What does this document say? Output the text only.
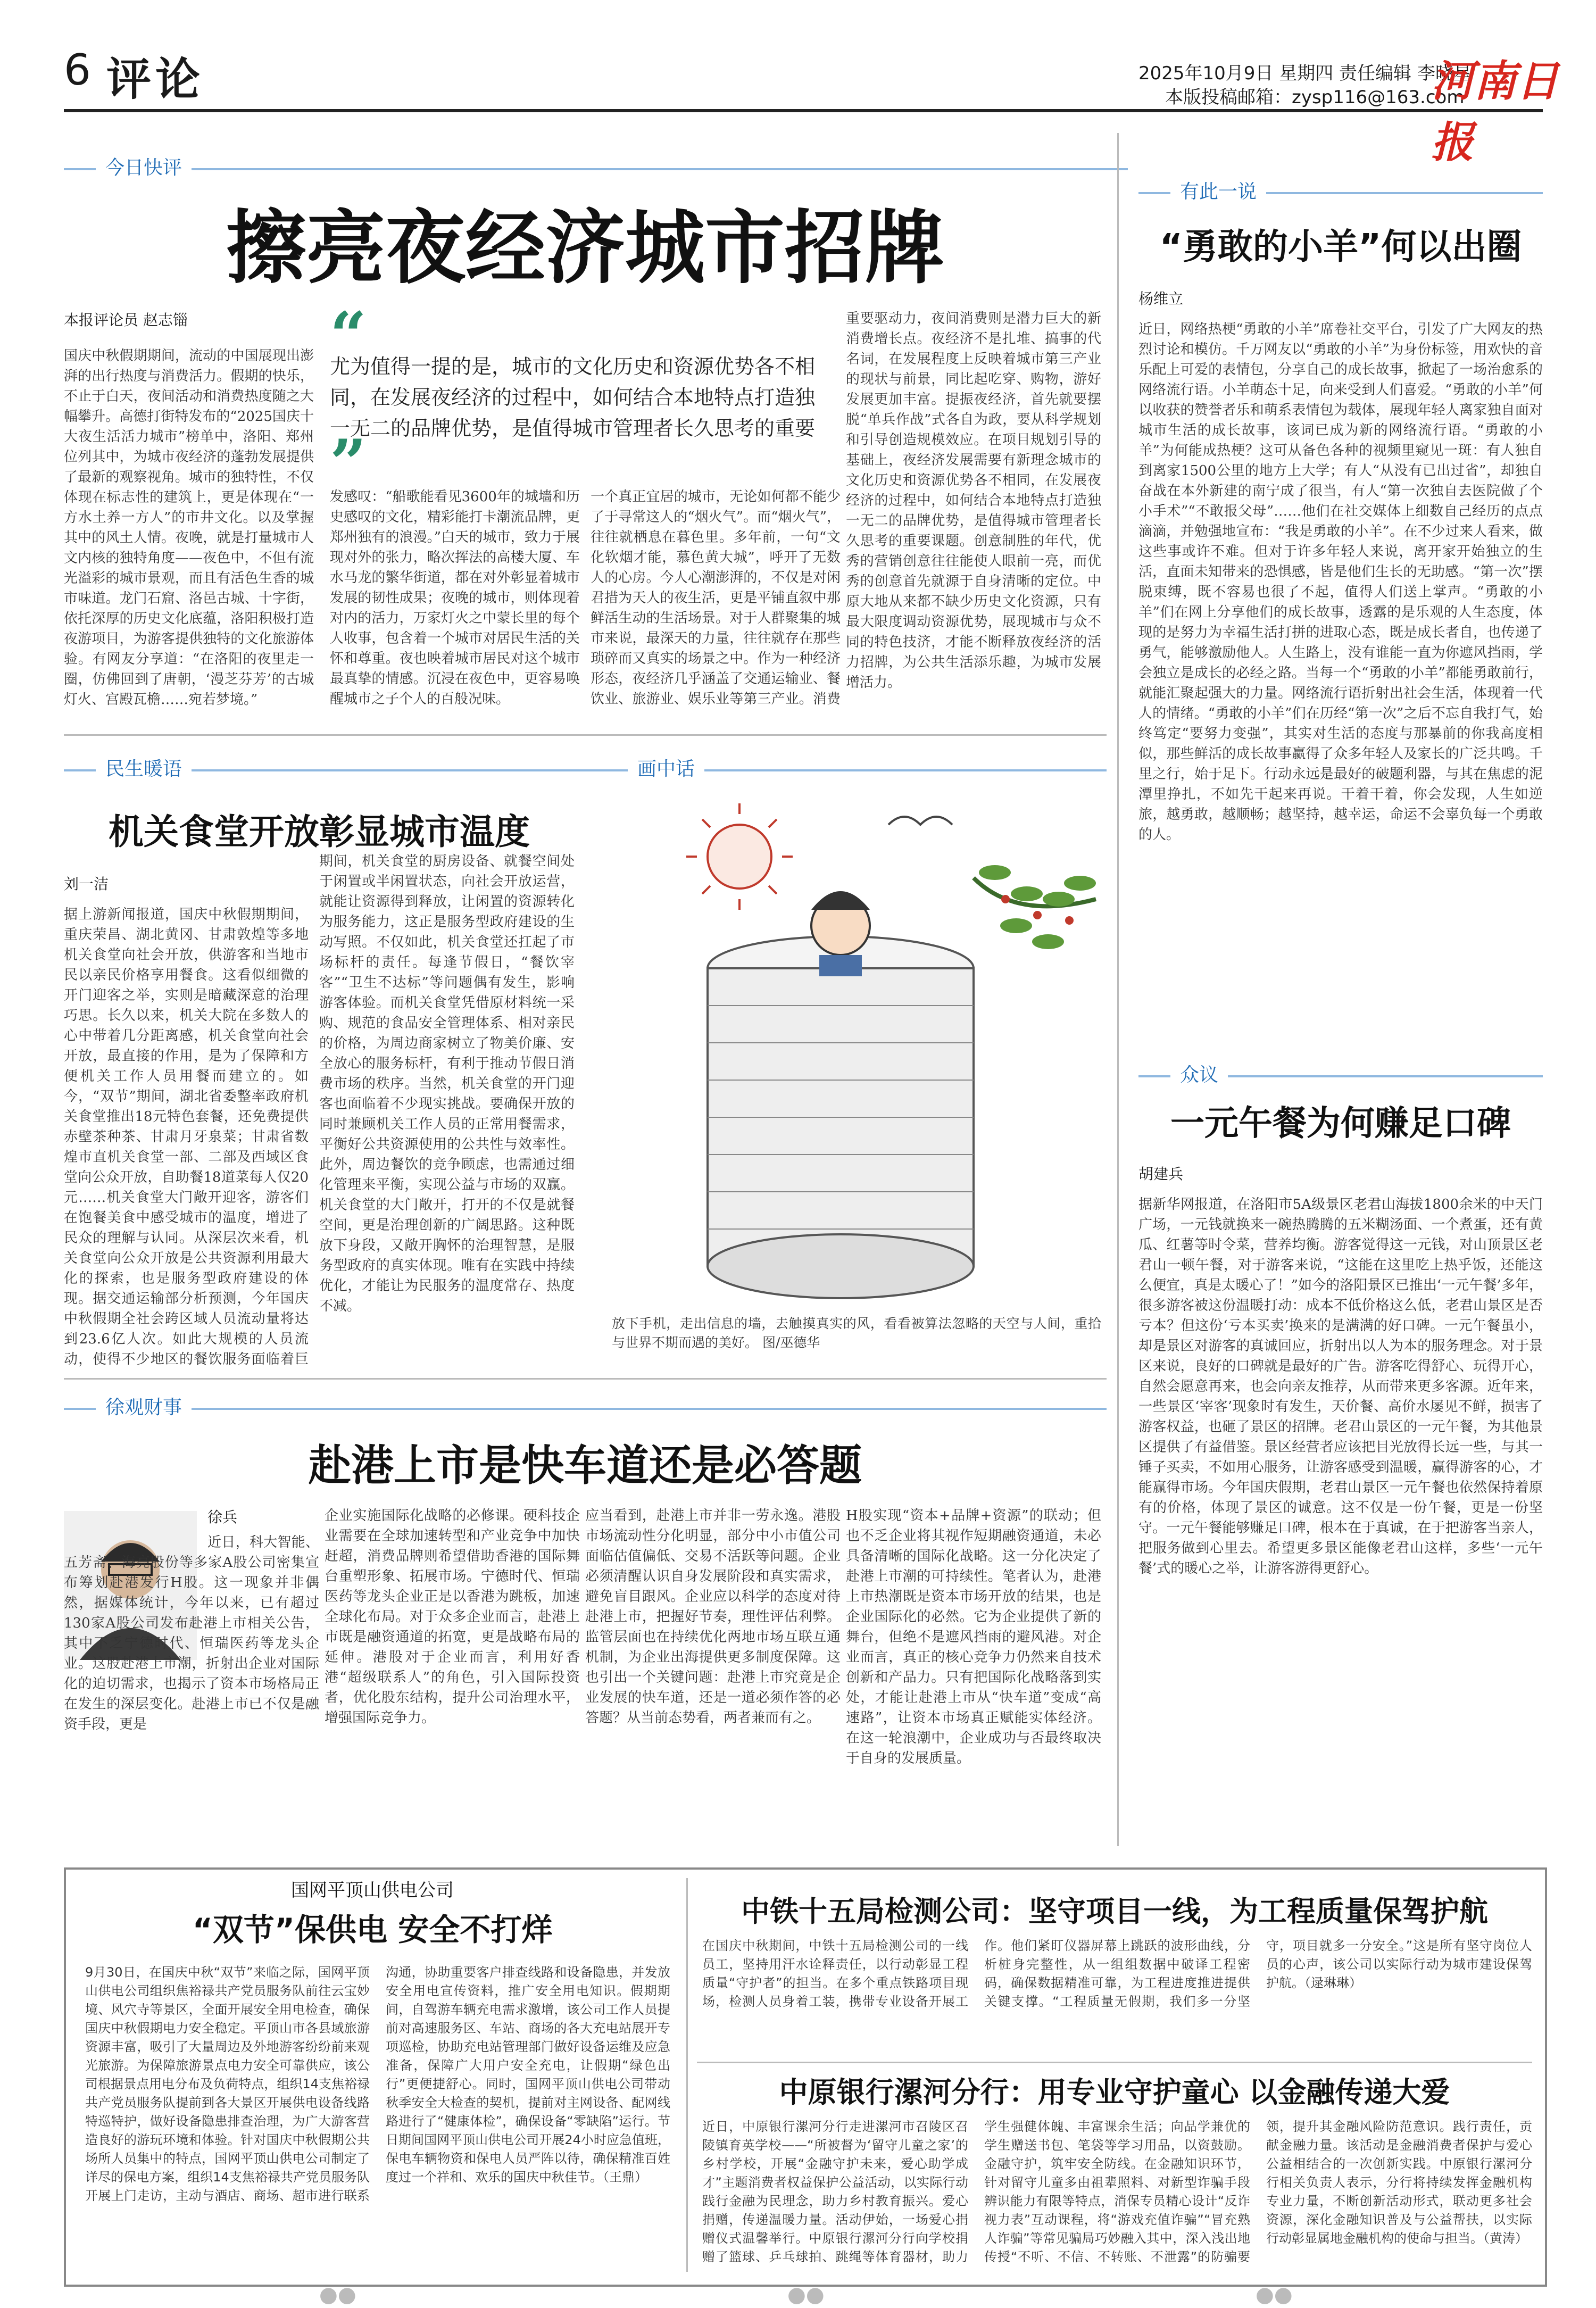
6 评论	2025年10月9日 星期四 责任编辑 李晓星
本版投稿邮箱：zysp116@163.com
河南日报
今日快评
擦亮夜经济城市招牌
本报评论员 赵志锱 “
尤为值得一提的是，城市的文化历史和资源优势各不相同，在发展夜经济的过程中，如何结合本地特点打造独一无二的品牌优势，是值得城市管理者长久思考的重要
”
国庆中秋假期期间，流动的中国展现出澎湃的出行热度与消费活力。假期的快乐，不止于白天，夜间活动和消费热度随之大幅攀升。高德打街特发布的“2025国庆十大夜生活活力城市”榜单中，洛阳、郑州位列其中，为城市夜经济的蓬勃发展提供了最新的观察视角。城市的独特性，不仅体现在标志性的建筑上，更是体现在“一方水土养一方人”的市井文化。以及掌握其中的风土人情。夜晚，就是打量城市人文内核的独特角度——夜色中，不但有流光溢彩的城市景观，而且有活色生香的城市味道。龙门石窟、洛邑古城、十字街，依托深厚的历史文化底蕴，洛阳积极打造夜游项目，为游客提供独特的文化旅游体验。有网友分享道：“在洛阳的夜里走一圈，仿佛回到了唐朝，‘漫芝芬芳’的古城灯火、宫殿瓦檐……宛若梦境。”
发感叹：“船歌能看见3600年的城墙和历史感叹的文化，精彩能打卡潮流品牌，更郑州独有的浪漫。”白天的城市，致力于展现对外的张力，略次挥法的高楼大厦、车水马龙的繁华街道，都在对外彰显着城市发展的韧性成果；夜晚的城市，则体现着对内的活力，万家灯火之中蒙长里的每个人收事，包含着一个城市对居民生活的关怀和尊重。夜也映着城市居民对这个城市最真挚的情感。沉浸在夜色中，更容易唤醒城市之子个人的百般况味。
一个真正宜居的城市，无论如何都不能少了于寻常这人的“烟火气”。而“烟火气”，往往就栖息在暮色里。多年前，一句“文化软烟才能，慕色黄大城”，呼开了无数人的心房。今人心潮澎湃的，不仅是对闲君措为天人的夜生活，更是平铺直叙中那鲜活生动的生活场景。对于人群聚集的城市来说，最深天的力量，往往就存在那些琐碎而又真实的场景之中。作为一种经济形态，夜经济几乎涵盖了交通运输业、餐饮业、旅游业、娱乐业等第三产业。消费
重要驱动力，夜间消费则是潜力巨大的新消费增长点。夜经济不是扎堆、搞事的代名词，在发展程度上反映着城市第三产业的现状与前景，同比起吃穿、购物，游好发展更加丰富。提振夜经济，首先就要摆脱“单兵作战”式各自为政，要从科学规划和引导创造规模效应。在项目规划引导的基础上，夜经济发展需要有新理念城市的文化历史和资源优势各不相同，在发展夜经济的过程中，如何结合本地特点打造独一无二的品牌优势，是值得城市管理者长久思考的重要课题。创意制胜的年代，优秀的营销创意往往能使人眼前一亮，而优秀的创意首先就源于自身清晰的定位。中原大地从来都不缺少历史文化资源，只有最大限度调动资源优势，展现城市与众不同的特色技济，才能不断释放夜经济的活力招牌，为公共生活添乐趣，为城市发展增活力。
有此一说
“勇敢的小羊”何以出圈
杨维立
近日，网络热梗“勇敢的小羊”席卷社交平台，引发了广大网友的热烈讨论和模仿。千万网友以“勇敢的小羊”为身份标签，用欢快的音乐配上可爱的表情包，分享自己的成长故事，掀起了一场治愈系的网络流行语。小羊萌态十足，向来受到人们喜爱。“勇敢的小羊”何以收获的赞誉者乐和萌系表情包为载体，展现年轻人离家独自面对城市生活的成长故事，该词已成为新的网络流行语。“勇敢的小羊”为何能成热梗？这可从备色各种的视频里窥见一斑：有人独自到离家1500公里的地方上大学；有人“从没有已出过省”，却独自奋战在本外新建的南宁成了很当，有人“第一次独自去医院做了个小手术”“不敢报父母”……他们在社交媒体上细数自己经历的点点滴滴，并勉强地宣布：“我是勇敢的小羊”。在不少过来人看来，做这些事或许不难。但对于许多年轻人来说，离开家开始独立的生活，直面未知带来的恐惧感，皆是他们生长的无助感。“第一次”摆脱束缚，既不容易也很了不起，值得人们送上掌声。“勇敢的小羊”们在网上分享他们的成长故事，透露的是乐观的人生态度，体现的是努力为幸福生活打拼的进取心态，既是成长者自，也传递了勇气，能够激励他人。人生路上，没有谁能一直为你遮风挡雨，学会独立是成长的必经之路。当每一个“勇敢的小羊”都能勇敢前行，就能汇聚起强大的力量。网络流行语折射出社会生活，体现着一代人的情绪。“勇敢的小羊”们在历经“第一次”之后不忘自我打气，始终笃定“要努力变强”，其实对生活的态度与那暴前的你我高度相似，那些鲜活的成长故事赢得了众多年轻人及家长的广泛共鸣。千里之行，始于足下。行动永远是最好的破题利器，与其在焦虑的泥潭里挣扎，不如先干起来再说。干着干着，你会发现，人生如逆旅，越勇敢，越顺畅；越坚持，越幸运，命运不会辜负每一个勇敢的人。
民生暖语
机关食堂开放彰显城市温度
刘一洁
据上游新闻报道，国庆中秋假期期间，重庆荣昌、湖北黄冈、甘肃敦煌等多地机关食堂向社会开放，供游客和当地市民以亲民价格享用餐食。这看似细微的开门迎客之举，实则是暗藏深意的治理巧思。长久以来，机关大院在多数人的心中带着几分距离感，机关食堂向社会开放，最直接的作用，是为了保障和方便机关工作人员用餐而建立的。如今，“双节”期间，湖北省委整率政府机关食堂推出18元特色套餐，还免费提供赤壁茶种茶、甘肃月牙泉菜；甘肃省数煌市直机关食堂一部、二部及西域区食堂向公众开放，自助餐18道菜每人仅20元……机关食堂大门敞开迎客，游客们在饱餐美食中感受城市的温度，增进了民众的理解与认同。从深层次来看，机关食堂向公众开放是公共资源利用最大化的探索，也是服务型政府建设的体现。据交通运输部分析预测，今年国庆中秋假期全社会跨区域人员流动量将达到23.6亿人次。如此大规模的人员流动，使得不少地区的餐饮服务面临着巨
期间，机关食堂的厨房设备、就餐空间处于闲置或半闲置状态，向社会开放运营，就能让资源得到释放，让闲置的资源转化为服务能力，这正是服务型政府建设的生动写照。不仅如此，机关食堂还扛起了市场标杆的责任。每逢节假日，“餐饮宰客”“卫生不达标”等问题偶有发生，影响游客体验。而机关食堂凭借原材料统一采购、规范的食品安全管理体系、相对亲民的价格，为周边商家树立了物美价廉、安全放心的服务标杆，有利于推动节假日消费市场的秩序。当然，机关食堂的开门迎客也面临着不少现实挑战。要确保开放的同时兼顾机关工作人员的正常用餐需求，平衡好公共资源使用的公共性与效率性。此外，周边餐饮的竞争顾虑，也需通过细化管理来平衡，实现公益与市场的双赢。机关食堂的大门敞开，打开的不仅是就餐空间，更是治理创新的广阔思路。这种既放下身段，又敞开胸怀的治理智慧，是服务型政府的真实体现。唯有在实践中持续优化，才能让为民服务的温度常存、热度不减。
画中话
放下手机，走出信息的墙，去触摸真实的风，看看被算法忽略的天空与人间，重拾与世界不期而遇的美好。 图/巫德华
众议
一元午餐为何赚足口碑
胡建兵
据新华网报道，在洛阳市5A级景区老君山海拔1800余米的中天门广场，一元钱就换来一碗热腾腾的五米糊汤面、一个煮蛋，还有黄瓜、红薯等时令菜，营养均衡。游客觉得这一元钱，对山顶景区老君山一顿午餐，对于游客来说，“这能在这里吃上热乎饭，还能这么便宜，真是太暖心了！”如今的洛阳景区已推出‘一元午餐’多年，很多游客被这份温暖打动：成本不低价格这么低，老君山景区是否亏本？但这份‘亏本买卖’换来的是满满的好口碑。一元午餐虽小，却是景区对游客的真诚回应，折射出以人为本的服务理念。对于景区来说，良好的口碑就是最好的广告。游客吃得舒心、玩得开心，自然会愿意再来，也会向亲友推荐，从而带来更多客源。近年来，一些景区‘宰客’现象时有发生，天价餐、高价水屡见不鲜，损害了游客权益，也砸了景区的招牌。老君山景区的一元午餐，为其他景区提供了有益借鉴。景区经营者应该把目光放得长远一些，与其一锤子买卖，不如用心服务，让游客感受到温暖，赢得游客的心，才能赢得市场。今年国庆假期，老君山景区一元午餐也依然保持着原有的价格，体现了景区的诚意。这不仅是一份午餐，更是一份坚守。一元午餐能够赚足口碑，根本在于真诚，在于把游客当亲人，把服务做到心里去。希望更多景区能像老君山这样，多些‘一元午餐’式的暖心之举，让游客游得更舒心。
徐观财事
赴港上市是快车道还是必答题
徐兵
近日，科大智能、五芳斋、海亮股份等多家A股公司密集宣布筹划赴港发行H股。这一现象并非偶然，据媒体统计，今年以来，已有超过130家A股公司发布赴港上市相关公告，其中不乏宁德时代、恒瑞医药等龙头企业。这股赴港上市潮，折射出企业对国际化的迫切需求，也揭示了资本市场格局正在发生的深层变化。赴港上市已不仅是融资手段，更是
企业实施国际化战略的必修课。硬科技企业需要在全球加速转型和产业竞争中加快赶超，消费品牌则希望借助香港的国际舞台重塑形象、拓展市场。宁德时代、恒瑞医药等龙头企业正是以香港为跳板，加速全球化布局。对于众多企业而言，赴港上市既是融资通道的拓宽，更是战略布局的延伸。港股对于企业而言，利用好香港“超级联系人”的角色，引入国际投资者，优化股东结构，提升公司治理水平，增强国际竞争力。
应当看到，赴港上市并非一劳永逸。港股市场流动性分化明显，部分中小市值公司面临估值偏低、交易不活跃等问题。企业必须清醒认识自身发展阶段和真实需求，避免盲目跟风。企业应以科学的态度对待赴港上市，把握好节奏，理性评估利弊。监管层面也在持续优化两地市场互联互通机制，为企业出海提供更多制度保障。这也引出一个关键问题：赴港上市究竟是企业发展的快车道，还是一道必须作答的必答题？从当前态势看，两者兼而有之。
H股实现“资本+品牌+资源”的联动；但也不乏企业将其视作短期融资通道，未必具备清晰的国际化战略。这一分化决定了赴港上市潮的可持续性。笔者认为，赴港上市热潮既是资本市场开放的结果，也是企业国际化的必然。它为企业提供了新的舞台，但绝不是遮风挡雨的避风港。对企业而言，真正的核心竞争力仍然来自技术创新和产品力。只有把国际化战略落到实处，才能让赴港上市从“快车道”变成“高速路”，让资本市场真正赋能实体经济。在这一轮浪潮中，企业成功与否最终取决于自身的发展质量。
国网平顶山供电公司
“双节”保供电 安全不打烊
9月30日，在国庆中秋“双节”来临之际，国网平顶山供电公司组织焦裕禄共产党员服务队前往云宝妙境、风穴寺等景区，全面开展安全用电检查，确保国庆中秋假期电力安全稳定。平顶山市各县域旅游资源丰富，吸引了大量周边及外地游客纷纷前来观光旅游。为保障旅游景点电力安全可靠供应，该公司根据景点用电分布及负荷特点，组织14支焦裕禄共产党员服务队提前到各大景区开展供电设备线路特巡特护，做好设备隐患排查治理，为广大游客营造良好的游玩环境和体验。针对国庆中秋假期公共场所人员集中的特点，国网平顶山供电公司制定了详尽的保电方案，组织14支焦裕禄共产党员服务队开展上门走访，主动与酒店、商场、超市进行联系沟通，协助重要客户排查线路和设备隐患，并发放安全用电宣传资料，推广安全用电知识。假期期间，自驾游车辆充电需求激增，该公司工作人员提前对高速服务区、车站、商场的各大充电站展开专项巡检，协助充电站管理部门做好设备运维及应急准备，保障广大用户安全充电，让假期“绿色出行”更便捷舒心。同时，国网平顶山供电公司带动秋季安全大检查的契机，提前对主网设备、配网线路进行了“健康体检”，确保设备“零缺陷”运行。节日期间国网平顶山供电公司开展24小时应急值班，保电车辆物资和保电人员严阵以待，确保精准百姓度过一个祥和、欢乐的国庆中秋佳节。（王鼎）
中铁十五局检测公司：坚守项目一线，为工程质量保驾护航
在国庆中秋期间，中铁十五局检测公司的一线员工，坚持用汗水诠释责任，以行动彰显工程质量“守护者”的担当。在多个重点铁路项目现场，检测人员身着工装，携带专业设备开展工作。他们紧盯仪器屏幕上跳跃的波形曲线，分析桩身完整性，从一组组数据中破译工程密码，确保数据精准可靠，为工程进度推进提供关键支撑。“工程质量无假期，我们多一分坚守，项目就多一分安全。”这是所有坚守岗位人员的心声，该公司以实际行动为城市建设保驾护航。（逯琳琳）
中原银行漯河分行：用专业守护童心 以金融传递大爱
近日，中原银行漯河分行走进漯河市召陵区召陵镇育英学校——“所被督为‘留守儿童之家’的乡村学校，开展“金融守护未来，爱心助学成才”主题消费者权益保护公益活动，以实际行动践行金融为民理念，助力乡村教育振兴。爱心捐赠，传递温暖力量。活动伊始，一场爱心捐赠仪式温馨举行。中原银行漯河分行向学校捐赠了篮球、乒乓球拍、跳绳等体育器材，助力学生强健体魄、丰富课余生活；向品学兼优的学生赠送书包、笔袋等学习用品，以资鼓励。金融守护，筑牢安全防线。在金融知识环节，针对留守儿童多由祖辈照料、对新型诈骗手段辨识能力有限等特点，消保专员精心设计“反诈视力表”互动课程，将“游戏充值诈骗”“冒充熟人诈骗”等常见骗局巧妙融入其中，深入浅出地传授“不听、不信、不转账、不泄露”的防骗要领，提升其金融风险防范意识。践行责任，贡献金融力量。该活动是金融消费者保护与爱心公益相结合的一次创新实践。中原银行漯河分行相关负责人表示，分行将持续发挥金融机构专业力量，不断创新活动形式，联动更多社会资源，深化金融知识普及与公益帮扶，以实际行动彰显属地金融机构的使命与担当。（黄涛）
●●	●●	●●
